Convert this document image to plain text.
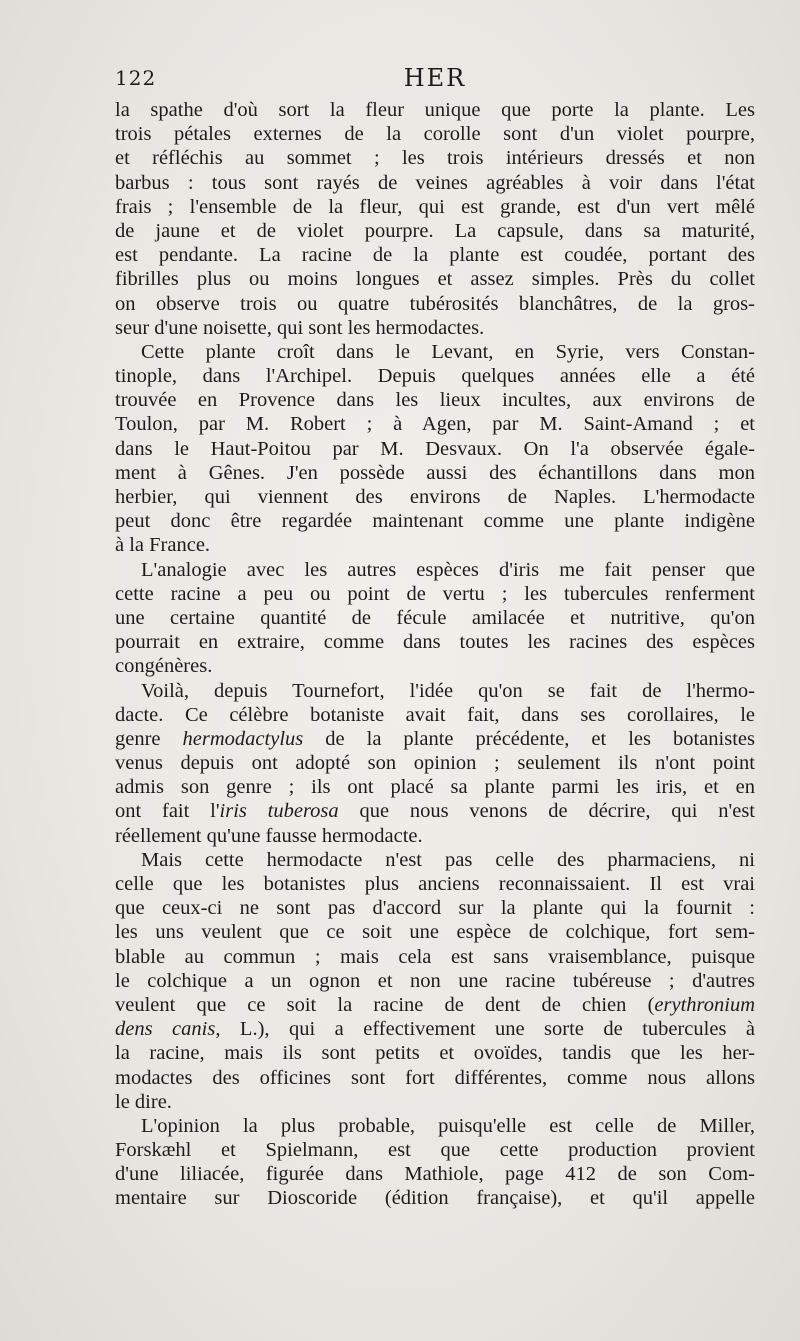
122	HER
la spathe d'où sort la fleur unique que porte la plante. Les
trois pétales externes de la corolle sont d'un violet pourpre,
et réfléchis au sommet ; les trois intérieurs dressés et non
barbus : tous sont rayés de veines agréables à voir dans l'état
frais ; l'ensemble de la fleur, qui est grande, est d'un vert mêlé
de jaune et de violet pourpre. La capsule, dans sa maturité,
est pendante. La racine de la plante est coudée, portant des
fibrilles plus ou moins longues et assez simples. Près du collet
on observe trois ou quatre tubérosités blanchâtres, de la gros-
seur d'une noisette, qui sont les hermodactes.
Cette plante croît dans le Levant, en Syrie, vers Constan-
tinople, dans l'Archipel. Depuis quelques années elle a été
trouvée en Provence dans les lieux incultes, aux environs de
Toulon, par M. Robert ; à Agen, par M. Saint-Amand ; et
dans le Haut-Poitou par M. Desvaux. On l'a observée égale-
ment à Gênes. J'en possède aussi des échantillons dans mon
herbier, qui viennent des environs de Naples. L'hermodacte
peut donc être regardée maintenant comme une plante indigène
à la France.
L'analogie avec les autres espèces d'iris me fait penser que
cette racine a peu ou point de vertu ; les tubercules renferment
une certaine quantité de fécule amilacée et nutritive, qu'on
pourrait en extraire, comme dans toutes les racines des espèces
congénères.
Voilà, depuis Tournefort, l'idée qu'on se fait de l'hermo-
dacte. Ce célèbre botaniste avait fait, dans ses corollaires, le
genre hermodactylus de la plante précédente, et les botanistes
venus depuis ont adopté son opinion ; seulement ils n'ont point
admis son genre ; ils ont placé sa plante parmi les iris, et en
ont fait l'iris tuberosa que nous venons de décrire, qui n'est
réellement qu'une fausse hermodacte.
Mais cette hermodacte n'est pas celle des pharmaciens, ni
celle que les botanistes plus anciens reconnaissaient. Il est vrai
que ceux-ci ne sont pas d'accord sur la plante qui la fournit :
les uns veulent que ce soit une espèce de colchique, fort sem-
blable au commun ; mais cela est sans vraisemblance, puisque
le colchique a un ognon et non une racine tubéreuse ; d'autres
veulent que ce soit la racine de dent de chien (erythronium
dens canis, L.), qui a effectivement une sorte de tubercules à
la racine, mais ils sont petits et ovoïdes, tandis que les her-
modactes des officines sont fort différentes, comme nous allons
le dire.
L'opinion la plus probable, puisqu'elle est celle de Miller,
Forskæhl et Spielmann, est que cette production provient
d'une liliacée, figurée dans Mathiole, page 412 de son Com-
mentaire sur Dioscoride (édition française), et qu'il appelle
